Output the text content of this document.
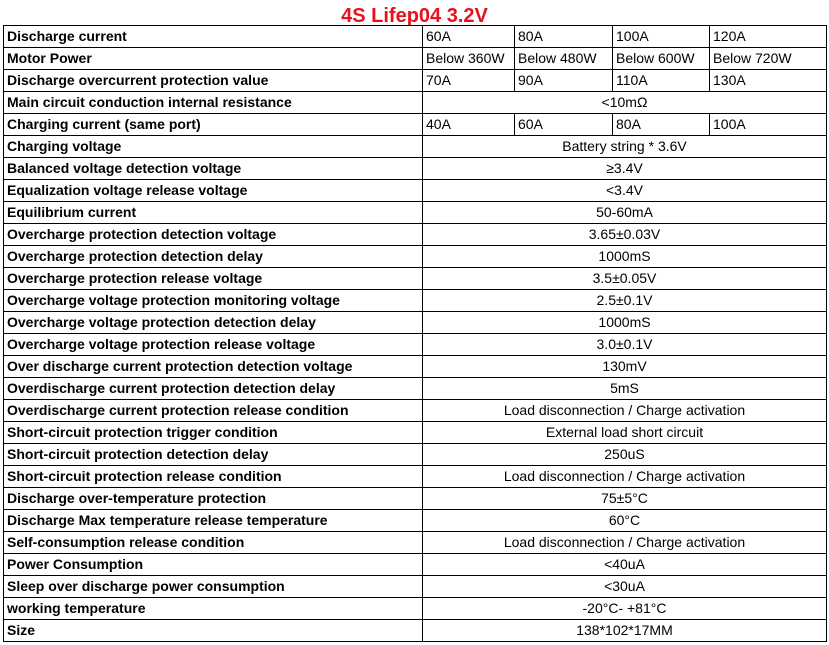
4S Lifep04 3.2V
Discharge current	60A	80A	100A	120A
Motor Power	Below 360W	Below 480W	Below 600W	Below 720W
Discharge overcurrent protection value	70A	90A	110A	130A
Main circuit conduction internal resistance	<10mΩ			
Charging current (same port)	40A	60A	80A	100A
Charging voltage	Battery string * 3.6V			
Balanced voltage detection voltage	≥3.4V			
Equalization voltage release voltage	<3.4V			
Equilibrium current	50-60mA			
Overcharge protection detection voltage	3.65±0.03V			
Overcharge protection detection delay	1000mS			
Overcharge protection release voltage	3.5±0.05V			
Overcharge voltage protection monitoring voltage	2.5±0.1V			
Overcharge voltage protection detection delay	1000mS			
Overcharge voltage protection release voltage	3.0±0.1V			
Over discharge current protection detection voltage	130mV			
Overdischarge current protection detection delay	5mS			
Overdischarge current protection release condition	Load disconnection / Charge activation			
Short-circuit protection trigger condition	External load short circuit			
Short-circuit protection detection delay	250uS			
Short-circuit protection release condition	Load disconnection / Charge activation			
Discharge over-temperature protection	75±5°C			
Discharge Max temperature release temperature	60°C			
Self-consumption release condition	Load disconnection / Charge activation			
Power Consumption	<40uA			
Sleep over discharge power consumption	<30uA			
working temperature	-20°C- +81°C			
Size	138*102*17MM			
